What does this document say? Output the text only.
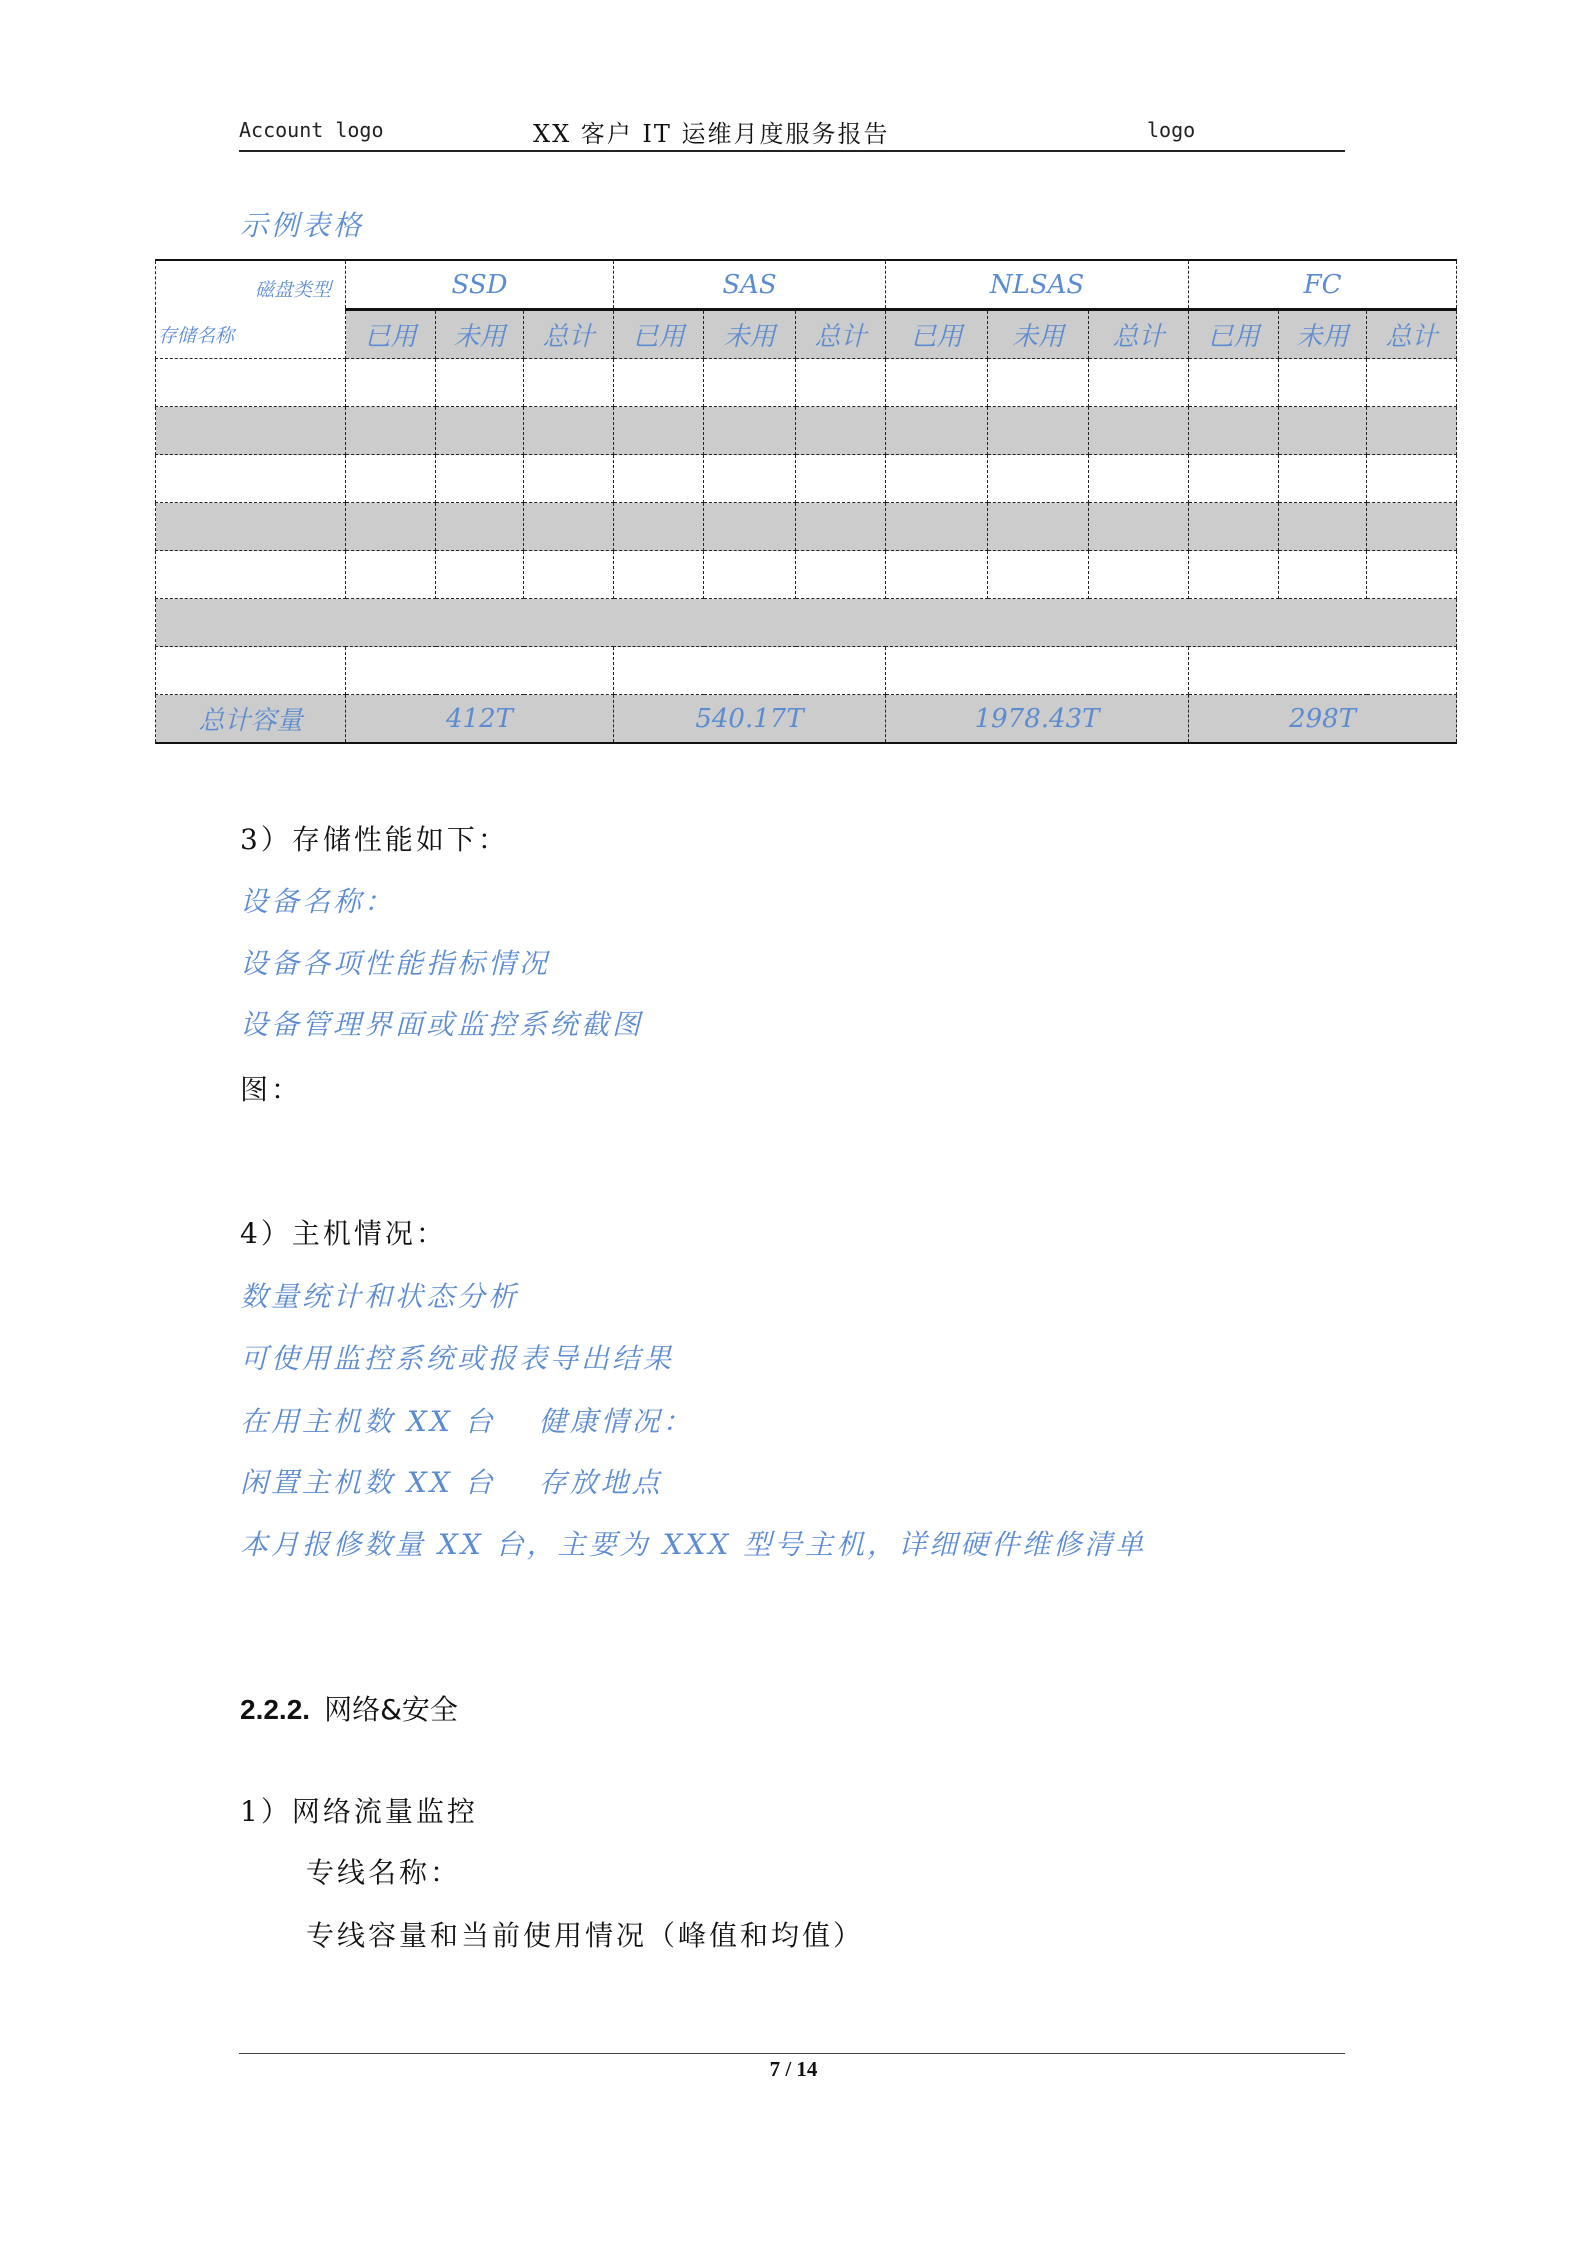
Account logo	XX 客户 IT 运维月度服务报告	logo
示例表格
磁盘类型
存储名称	SSD			SAS			NLSAS			FC		
	已用	未用	总计	已用	未用	总计	已用	未用	总计	已用	未用	总计

总计容量	412T			540.17T			1978.43T			298T		
3）存储性能如下：
设备名称：
设备各项性能指标情况
设备管理界面或监控系统截图
图：
4）主机情况：
数量统计和状态分析
可使用监控系统或报表导出结果
在用主机数 XX 台　 健康情况：
闲置主机数 XX 台　 存放地点
本月报修数量 XX 台，主要为 XXX 型号主机，详细硬件维修清单
2.2.2. 网络&安全
1）网络流量监控
专线名称：
专线容量和当前使用情况（峰值和均值）
7 / 14
